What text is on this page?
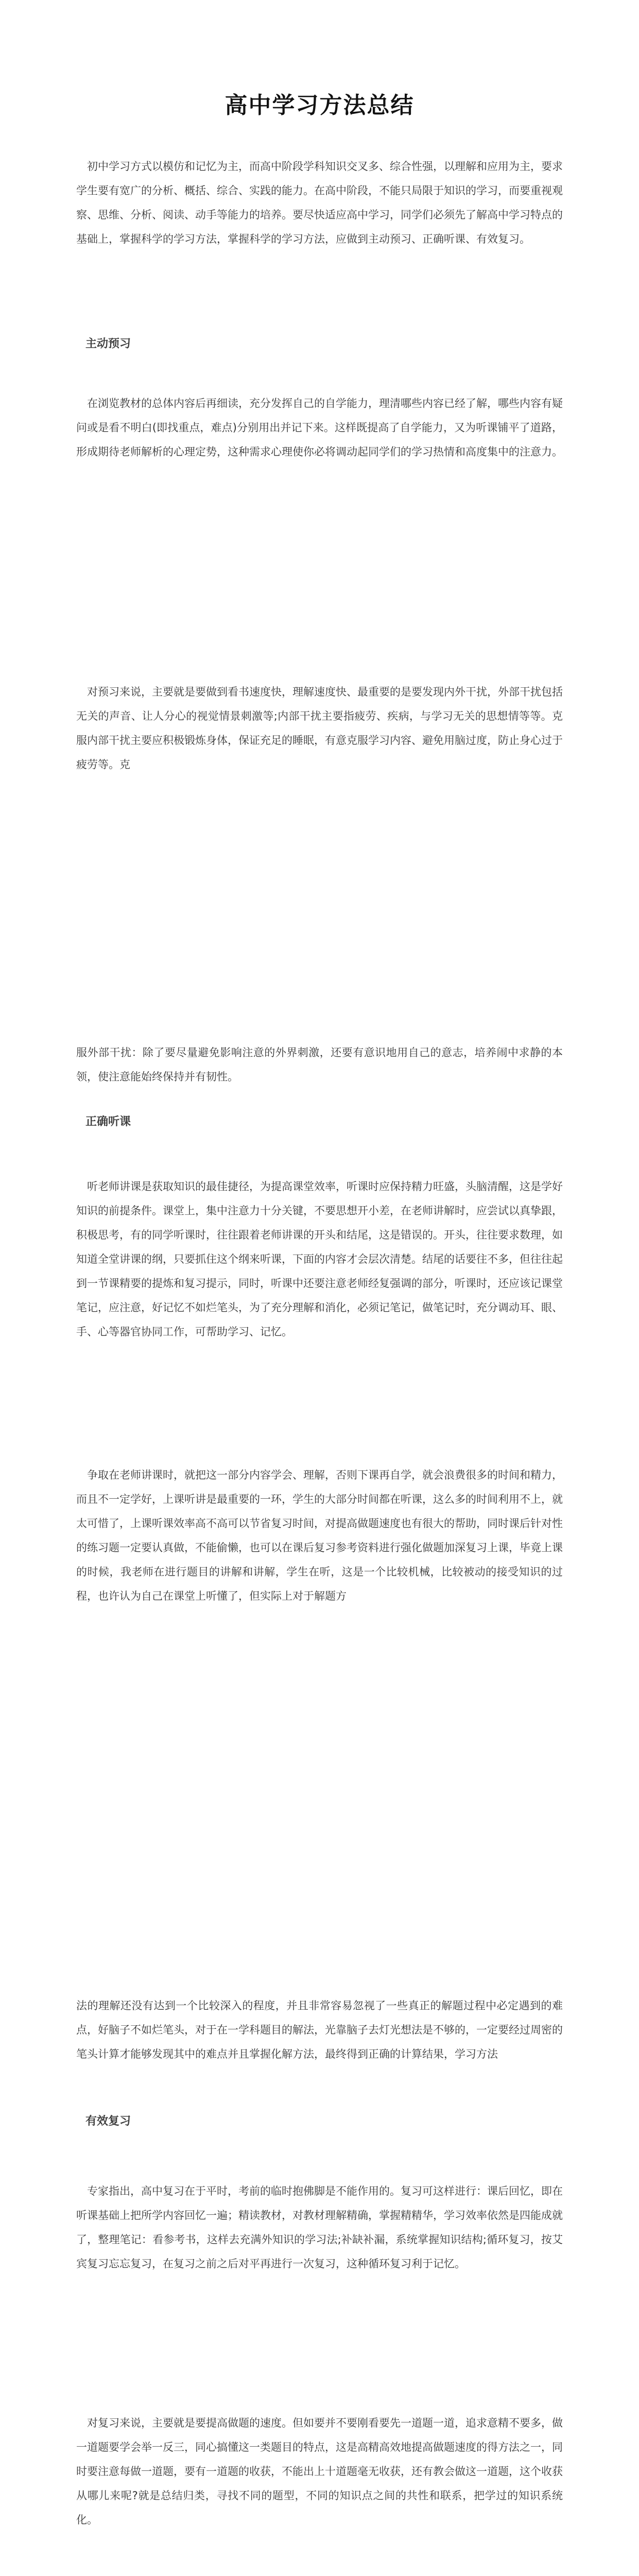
高中学习方法总结

　初中学习方式以模仿和记忆为主，而高中阶段学科知识交叉多、综合性强，以理解和应用为主，要求学生要有宽广的分析、概括、综合、实践的能力。在高中阶段，不能只局限于知识的学习，而要重视观察、思维、分析、阅读、动手等能力的培养。要尽快适应高中学习，同学们必须先了解高中学习特点的基础上，掌握科学的学习方法，掌握科学的学习方法，应做到主动预习、正确听课、有效复习。

主动预习

　在浏览教材的总体内容后再细读，充分发挥自己的自学能力，理清哪些内容已经了解，哪些内容有疑问或是看不明白(即找重点，难点)分别用出并记下来。这样既提高了自学能力，又为听课铺平了道路，形成期待老师解析的心理定势，这种需求心理使你必将调动起同学们的学习热情和高度集中的注意力。

　对预习来说，主要就是要做到看书速度快，理解速度快、最重要的是要发现内外干扰，外部干扰包括无关的声音、让人分心的视觉情景刺激等;内部干扰主要指疲劳、疾病，与学习无关的思想情等等。克服内部干扰主要应积极锻炼身体，保证充足的睡眠，有意克服学习内容、避免用脑过度，防止身心过于疲劳等。克

服外部干扰：除了要尽量避免影响注意的外界刺激，还要有意识地用自己的意志，培养闹中求静的本领，使注意能始终保持并有韧性。

正确听课

　听老师讲课是获取知识的最佳捷径，为提高课堂效率，听课时应保持精力旺盛，头脑清醒，这是学好知识的前提条件。课堂上，集中注意力十分关键，不要思想开小差，在老师讲解时，应尝试以真挚跟，积极思考，有的同学听课时，往往跟着老师讲课的开头和结尾，这是错误的。开头，往往要求数理，如知道全堂讲课的纲，只要抓住这个纲来听课，下面的内容才会层次清楚。结尾的话要往不多，但往往起到一节课精要的提炼和复习提示，同时，听课中还要注意老师经复强调的部分，听课时，还应该记课堂笔记，应注意，好记忆不如烂笔头，为了充分理解和消化，必须记笔记，做笔记时，充分调动耳、眼、手、心等器官协同工作，可帮助学习、记忆。

　争取在老师讲课时，就把这一部分内容学会、理解，否则下课再自学，就会浪费很多的时间和精力，而且不一定学好，上课听讲是最重要的一环，学生的大部分时间都在听课，这么多的时间利用不上，就太可惜了，上课听课效率高不高可以节省复习时间，对提高做题速度也有很大的帮助，同时课后针对性的练习题一定要认真做，不能偷懒，也可以在课后复习参考资料进行强化做题加深复习上课，毕竟上课的时候，我老师在进行题目的讲解和讲解，学生在听，这是一个比较机械，比较被动的接受知识的过程，也许认为自己在课堂上听懂了，但实际上对于解题方

法的理解还没有达到一个比较深入的程度，并且非常容易忽视了一些真正的解题过程中必定遇到的难点，好脑子不如烂笔头，对于在一学科题目的解法，光靠脑子去灯光想法是不够的，一定要经过周密的笔头计算才能够发现其中的难点并且掌握化解方法，最终得到正确的计算结果，学习方法

有效复习

　专家指出，高中复习在于平时，考前的临时抱佛脚是不能作用的。复习可这样进行：课后回忆，即在听课基础上把所学内容回忆一遍；精读教材，对教材理解精确，掌握精精华，学习效率依然是四能成就了，整理笔记：看参考书，这样去充满外知识的学习法;补缺补漏，系统掌握知识结构;循环复习，按艾宾复习忘忘复习，在复习之前之后对平再进行一次复习，这种循环复习利于记忆。

　对复习来说，主要就是要提高做题的速度。但如要并不要刚看要先一道题一道，追求意精不要多，做一道题要学会举一反三，同心搞懂这一类题目的特点，这是高精高效地提高做题速度的得方法之一，同时要注意每做一道题，要有一道题的收获，不能出上十道题毫无收获，还有教会做这一道题，这个收获从哪儿来呢?就是总结归类，寻找不同的题型，不同的知识点之间的共性和联系，把学过的知识系统化。
